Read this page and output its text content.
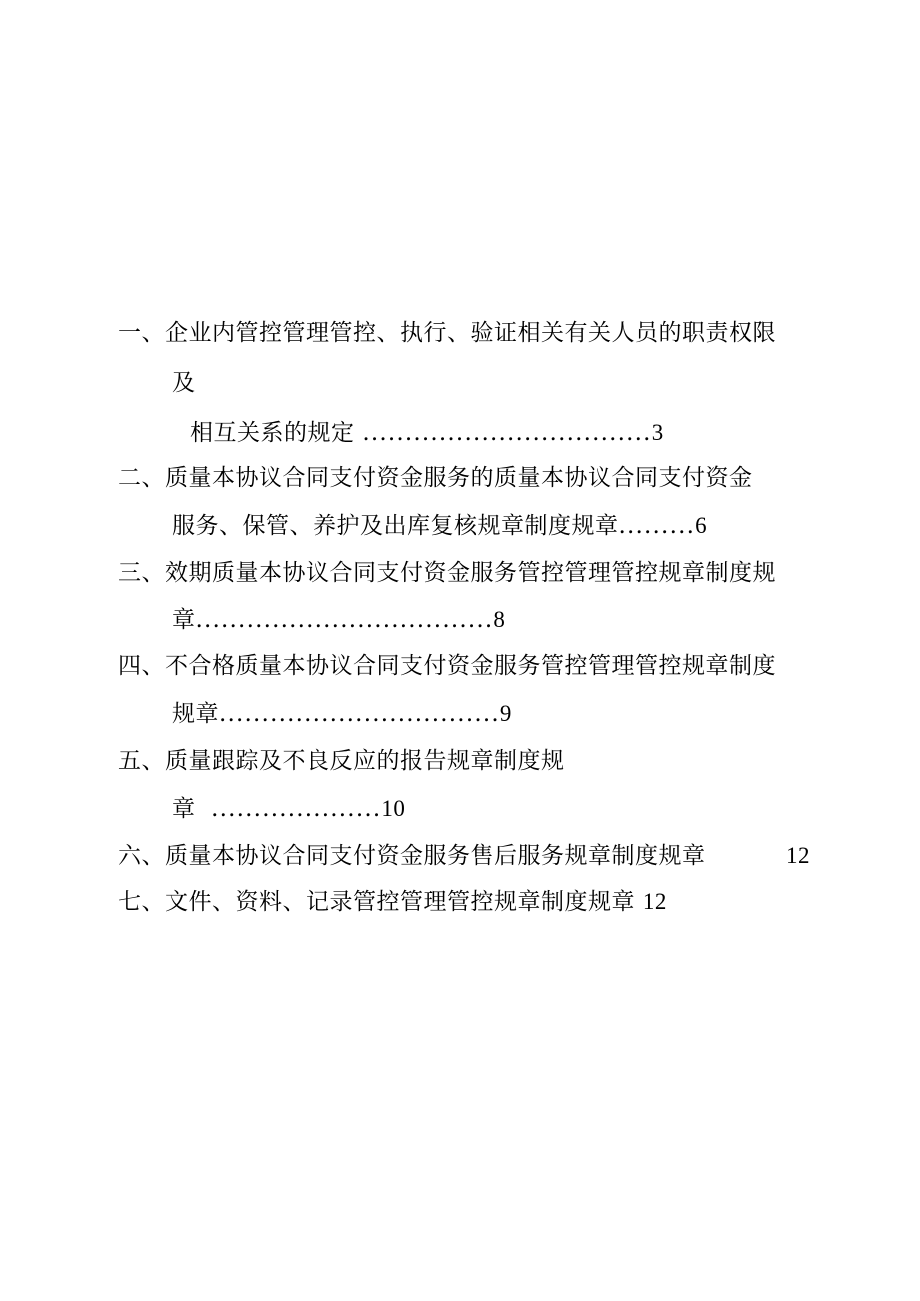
一、企业内管控管理管控、执行、验证相关有关人员的职责权限
及
相互关系的规定 ..................................3
二、质量本协议合同支付资金服务的质量本协议合同支付资金
服务、保管、养护及出库复核规章制度规章.........6
三、效期质量本协议合同支付资金服务管控管理管控规章制度规
章...................................8
四、不合格质量本协议合同支付资金服务管控管理管控规章制度
规章.................................9
五、质量跟踪及不良反应的报告规章制度规
章 ....................10
六、质量本协议合同支付资金服务售后服务规章制度规章	12
七、文件、资料、记录管控管理管控规章制度规章 12
